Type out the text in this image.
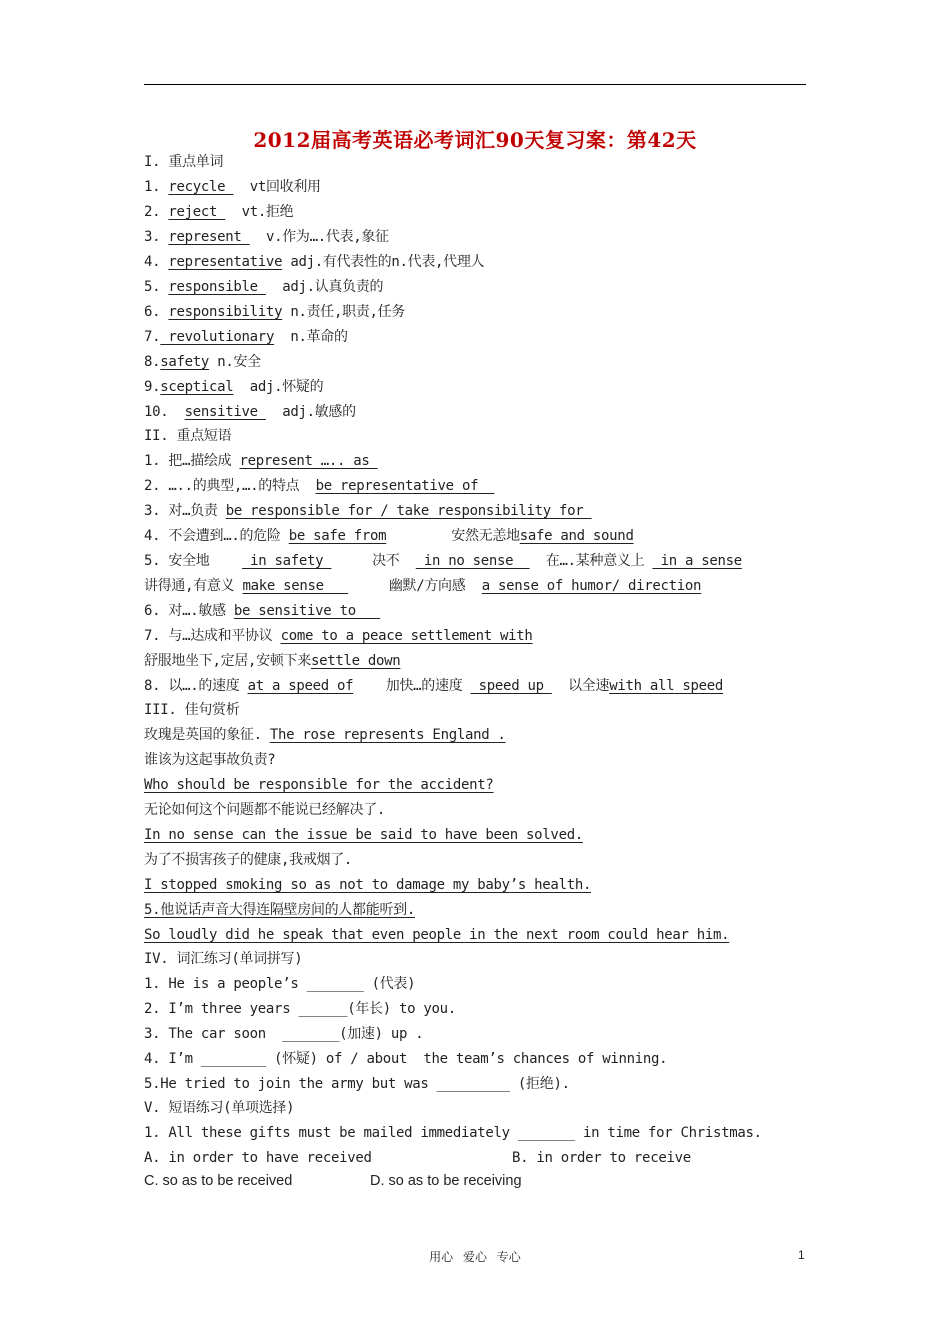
2012届高考英语必考词汇90天复习案：第42天
I. 重点单词
1. recycle   vt回收利用
2. reject   vt.拒绝
3. represent   v.作为….代表,象征
4. representative adj.有代表性的n.代表,代理人
5. responsible   adj.认真负责的
6. responsibility n.责任,职责,任务
7. revolutionary n.革命的
8.safety n.安全
9.sceptical adj.怀疑的
10.  sensitive   adj.敏感的
II. 重点短语
1. 把…描绘成 represent ….. as
2. …..的典型,….的特点  be representative of
3. 对…负责 be responsible for / take responsibility for
4. 不会遭到….的危险 be safe from	安然无恙地safe and sound
5. 安全地     in safety	决不   in no sense    在….某种意义上  in a sense
讲得通,有意义 make sense	幽默/方向感  a sense of humor/ direction
6. 对….敏感 be sensitive to
7. 与…达成和平协议 come to a peace settlement with
舒服地坐下,定居,安顿下来settle down
8. 以….的速度 at a speed of 加快…的速度  speed up   以全速with all speed
III. 佳句赏析
玫瑰是英国的象征. The rose represents England .
谁该为这起事故负责?
Who should be responsible for the accident?
无论如何这个问题都不能说已经解决了.
In no sense can the issue be said to have been solved.
为了不损害孩子的健康,我戒烟了.
I stopped smoking so as not to damage my baby’s health.
5.他说话声音大得连隔壁房间的人都能听到.
So loudly did he speak that even people in the next room could hear him.
IV. 词汇练习(单词拼写)
1. He is a people’s _______ (代表)
2. I’m three years ______(年长) to you.
3. The car soon  _______(加速) up .
4. I’m ________ (怀疑) of / about  the team’s chances of winning.
5.He tried to join the army but was _________ (拒绝).
V. 短语练习(单项选择)
1. All these gifts must be mailed immediately _______ in time for Christmas.
A. in order to have received	B. in order to receive
C. so as to be received	D. so as to be receiving
用心 爱心 专心	1
